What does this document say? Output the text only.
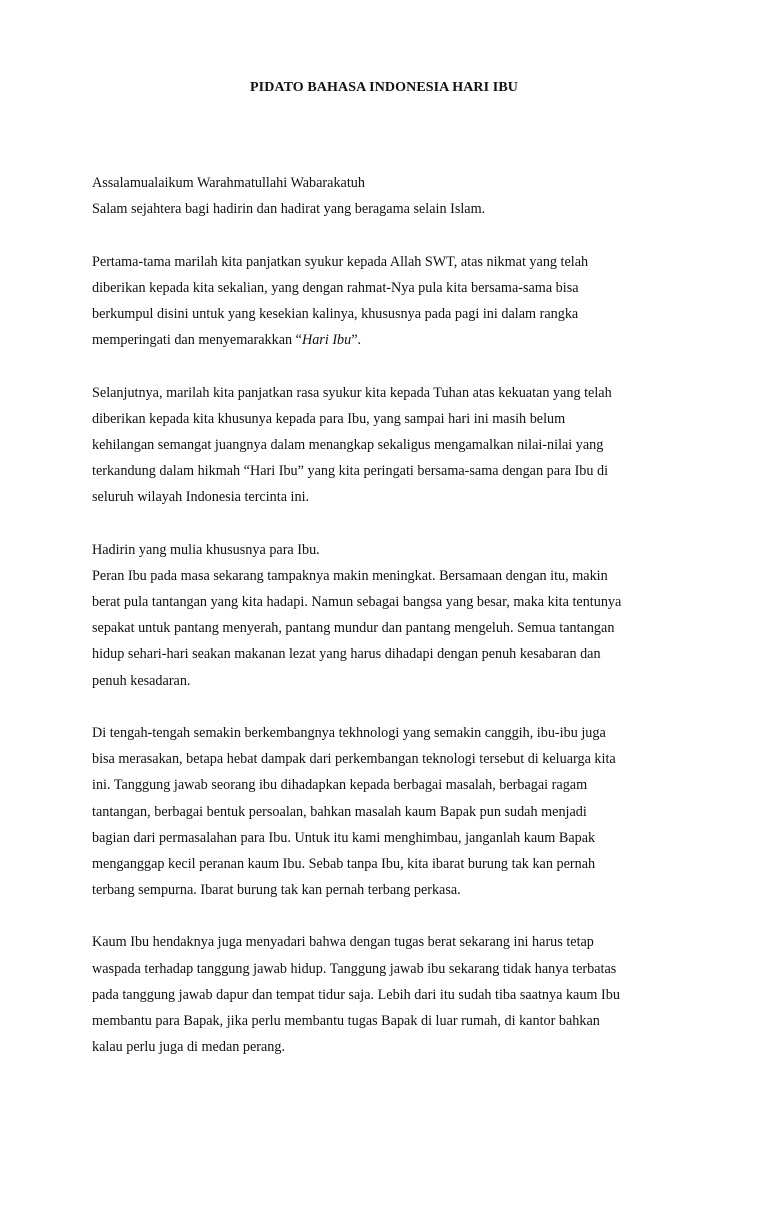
PIDATO BAHASA INDONESIA HARI IBU
Assalamualaikum Warahmatullahi Wabarakatuh
Salam sejahtera bagi hadirin dan hadirat yang beragama selain Islam.
Pertama-tama marilah kita panjatkan syukur kepada Allah SWT, atas nikmat yang telah
diberikan kepada kita sekalian, yang dengan rahmat-Nya pula kita bersama-sama bisa
berkumpul disini untuk yang kesekian kalinya, khususnya pada pagi ini dalam rangka
memperingati dan menyemarakkan “Hari Ibu”.
Selanjutnya, marilah kita panjatkan rasa syukur kita kepada Tuhan atas kekuatan yang telah
diberikan kepada kita khusunya kepada para Ibu, yang sampai hari ini masih belum
kehilangan semangat juangnya dalam menangkap sekaligus mengamalkan nilai-nilai yang
terkandung dalam hikmah “Hari Ibu” yang kita peringati bersama-sama dengan para Ibu di
seluruh wilayah Indonesia tercinta ini.
Hadirin yang mulia khususnya para Ibu.
Peran Ibu pada masa sekarang tampaknya makin meningkat. Bersamaan dengan itu, makin
berat pula tantangan yang kita hadapi. Namun sebagai bangsa yang besar, maka kita tentunya
sepakat untuk pantang menyerah, pantang mundur dan pantang mengeluh. Semua tantangan
hidup sehari-hari seakan makanan lezat yang harus dihadapi dengan penuh kesabaran dan
penuh kesadaran.
Di tengah-tengah semakin berkembangnya tekhnologi yang semakin canggih, ibu-ibu juga
bisa merasakan, betapa hebat dampak dari perkembangan teknologi tersebut di keluarga kita
ini. Tanggung jawab seorang ibu dihadapkan kepada berbagai masalah, berbagai ragam
tantangan, berbagai bentuk persoalan, bahkan masalah kaum Bapak pun sudah menjadi
bagian dari permasalahan para Ibu. Untuk itu kami menghimbau, janganlah kaum Bapak
menganggap kecil peranan kaum Ibu. Sebab tanpa Ibu, kita ibarat burung tak kan pernah
terbang sempurna. Ibarat burung tak kan pernah terbang perkasa.
Kaum Ibu hendaknya juga menyadari bahwa dengan tugas berat sekarang ini harus tetap
waspada terhadap tanggung jawab hidup. Tanggung jawab ibu sekarang tidak hanya terbatas
pada tanggung jawab dapur dan tempat tidur saja. Lebih dari itu sudah tiba saatnya kaum Ibu
membantu para Bapak, jika perlu membantu tugas Bapak di luar rumah, di kantor bahkan
kalau perlu juga di medan perang.
